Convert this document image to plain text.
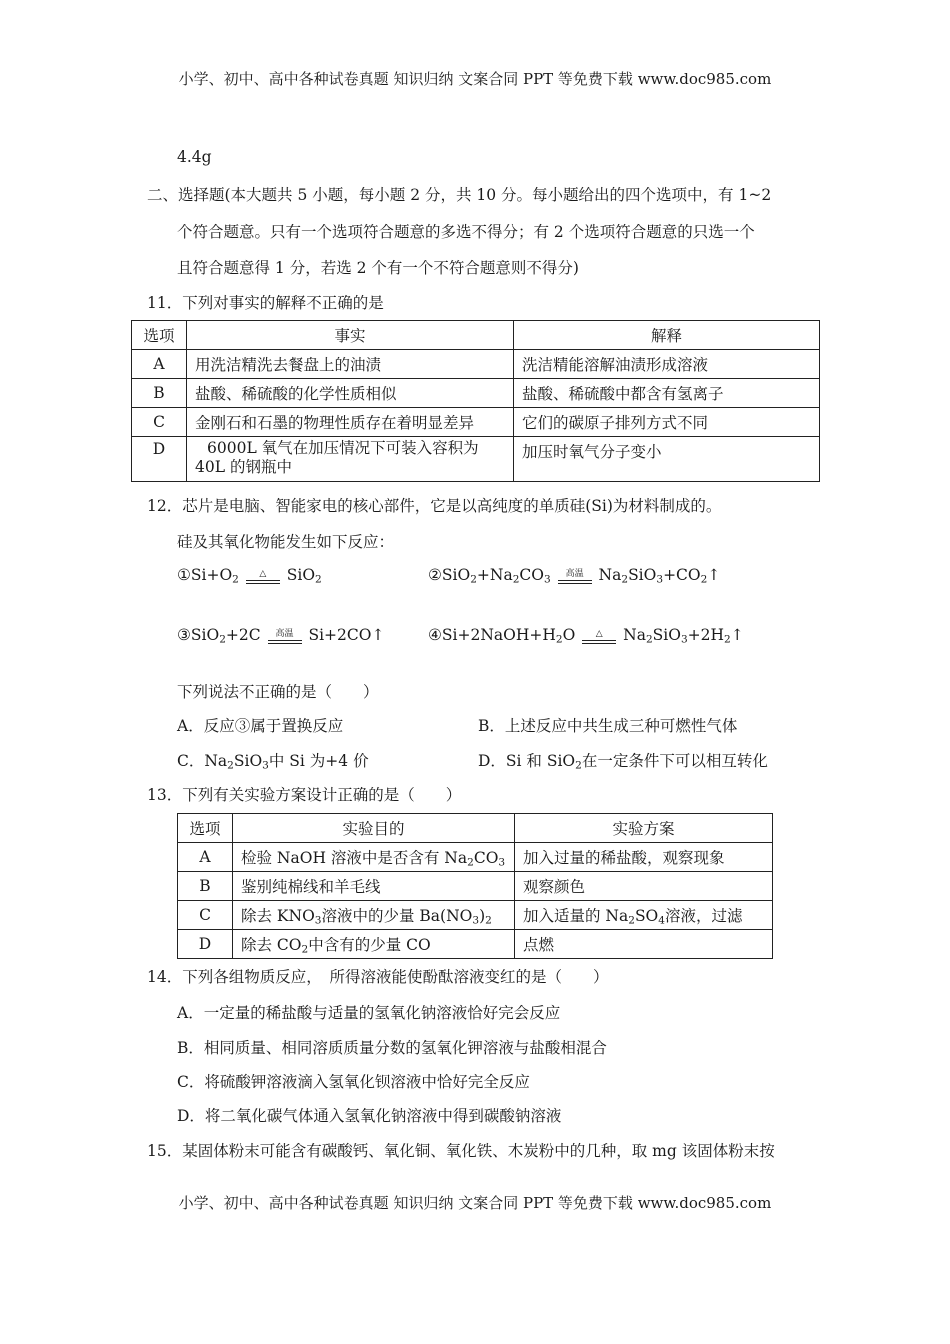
小学、初中、高中各种试卷真题 知识归纳 文案合同 PPT 等免费下载 www.doc985.com
4.4g
二、选择题(本大题共 5 小题，每小题 2 分，共 10 分。每小题给出的四个选项中，有 1~2
个符合题意。只有一个选项符合题意的多选不得分；有 2 个选项符合题意的只选一个
且符合题意得 1 分，若选 2 个有一个不符合题意则不得分)
11．下列对事实的解释不正确的是
选项	事实	解释
A	用洗洁精洗去餐盘上的油渍	洗洁精能溶解油渍形成溶液
B	盐酸、稀硫酸的化学性质相似	盐酸、稀硫酸中都含有氢离子
C	金刚石和石墨的物理性质存在着明显差异	它们的碳原子排列方式不同
D	6000L 氧气在加压情况下可装入容积为
40L 的钢瓶中	加压时氧气分子变小
12．芯片是电脑、智能家电的核心部件，它是以高纯度的单质硅(Si)为材料制成的。
硅及其氧化物能发生如下反应：
$①Si+O_2$
△	SiO$_2$	$②SiO_2+Na_2CO_3$
高温 $Na_2SiO_3+CO_2↑$
③SiO$_2$+2C	高温 Si+2CO↑	$④Si+2NaOH+H_2O$	△	$Na_2SiO_3+2H_2↑$
下列说法不正确的是（　　）
A．反应③属于置换反应	B．上述反应中共生成三种可燃性气体
C．$Na_2SiO_3$中 Si 为+4 价	D．Si 和 SiO$_2$在一定条件下可以相互转化
13．下列有关实验方案设计正确的是（　　）
选项	实验目的	实验方案
A	检验 NaOH 溶液中是否含有 $Na_2CO_3$	加入过量的稀盐酸，观察现象
B	鉴别纯棉线和羊毛线	观察颜色
C	除去 $KNO_3$溶液中的少量 $Ba(NO_3)_2$	加入适量的 $Na_2SO_4$溶液，过滤
D	除去 $CO_2$中含有的少量 CO	点燃
14．下列各组物质反应，　所得溶液能使酚酞溶液变红的是（　　）
A．一定量的稀盐酸与适量的氢氧化钠溶液恰好完会反应
B．相同质量、相同溶质质量分数的氢氧化钾溶液与盐酸相混合
C．将硫酸钾溶液滴入氢氧化钡溶液中恰好完全反应
D．将二氧化碳气体通入氢氧化钠溶液中得到碳酸钠溶液
15．某固体粉末可能含有碳酸钙、氧化铜、氧化铁、木炭粉中的几种，取 mg 该固体粉末按
小学、初中、高中各种试卷真题 知识归纳 文案合同 PPT 等免费下载 www.doc985.com
